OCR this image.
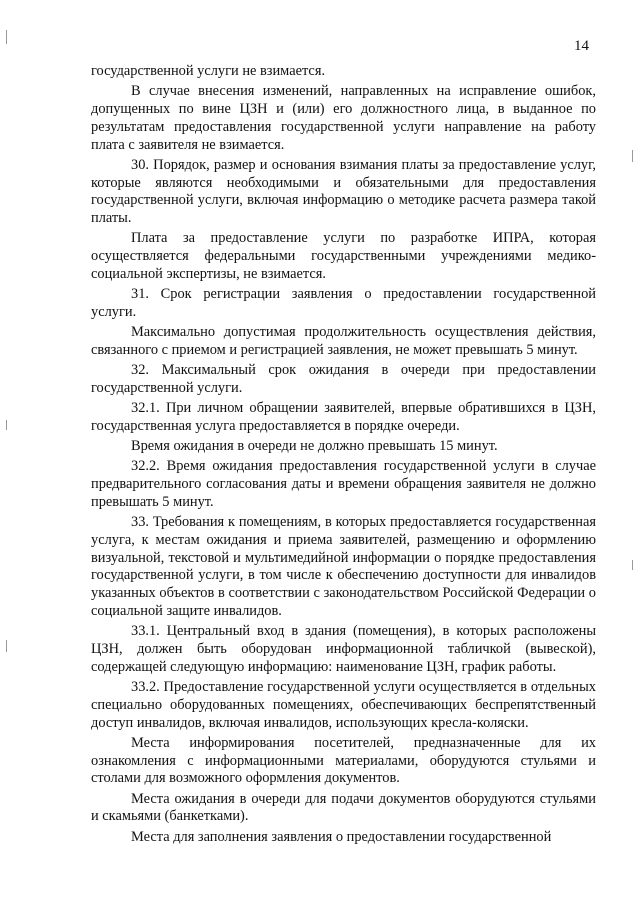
14

государственной услуги не взимается.

В случае внесения изменений, направленных на исправление ошибок, допущенных по вине ЦЗН и (или) его должностного лица, в выданное по результатам предоставления государственной услуги направление на работу плата с заявителя не взимается.

30. Порядок, размер и основания взимания платы за предоставление услуг, которые являются необходимыми и обязательными для предоставления государственной услуги, включая информацию о методике расчета размера такой платы.

Плата за предоставление услуги по разработке ИПРА, которая осуществляется федеральными государственными учреждениями медико-социальной экспертизы, не взимается.

31. Срок регистрации заявления о предоставлении государственной услуги.

Максимально допустимая продолжительность осуществления действия, связанного с приемом и регистрацией заявления, не может превышать 5 минут.

32. Максимальный срок ожидания в очереди при предоставлении государственной услуги.

32.1. При личном обращении заявителей, впервые обратившихся в ЦЗН, государственная услуга предоставляется в порядке очереди.

Время ожидания в очереди не должно превышать 15 минут.

32.2. Время ожидания предоставления государственной услуги в случае предварительного согласования даты и времени обращения заявителя не должно превышать 5 минут.

33. Требования к помещениям, в которых предоставляется государственная услуга, к местам ожидания и приема заявителей, размещению и оформлению визуальной, текстовой и мультимедийной информации о порядке предоставления государственной услуги, в том числе к обеспечению доступности для инвалидов указанных объектов в соответствии с законодательством Российской Федерации о социальной защите инвалидов.

33.1. Центральный вход в здания (помещения), в которых расположены ЦЗН, должен быть оборудован информационной табличкой (вывеской), содержащей следующую информацию: наименование ЦЗН, график работы.

33.2. Предоставление государственной услуги осуществляется в отдельных специально оборудованных помещениях, обеспечивающих беспрепятственный доступ инвалидов, включая инвалидов, использующих кресла-коляски.

Места информирования посетителей, предназначенные для их ознакомления с информационными материалами, оборудуются стульями и столами для возможного оформления документов.

Места ожидания в очереди для подачи документов оборудуются стульями и скамьями (банкетками).

Места для заполнения заявления о предоставлении государственной
